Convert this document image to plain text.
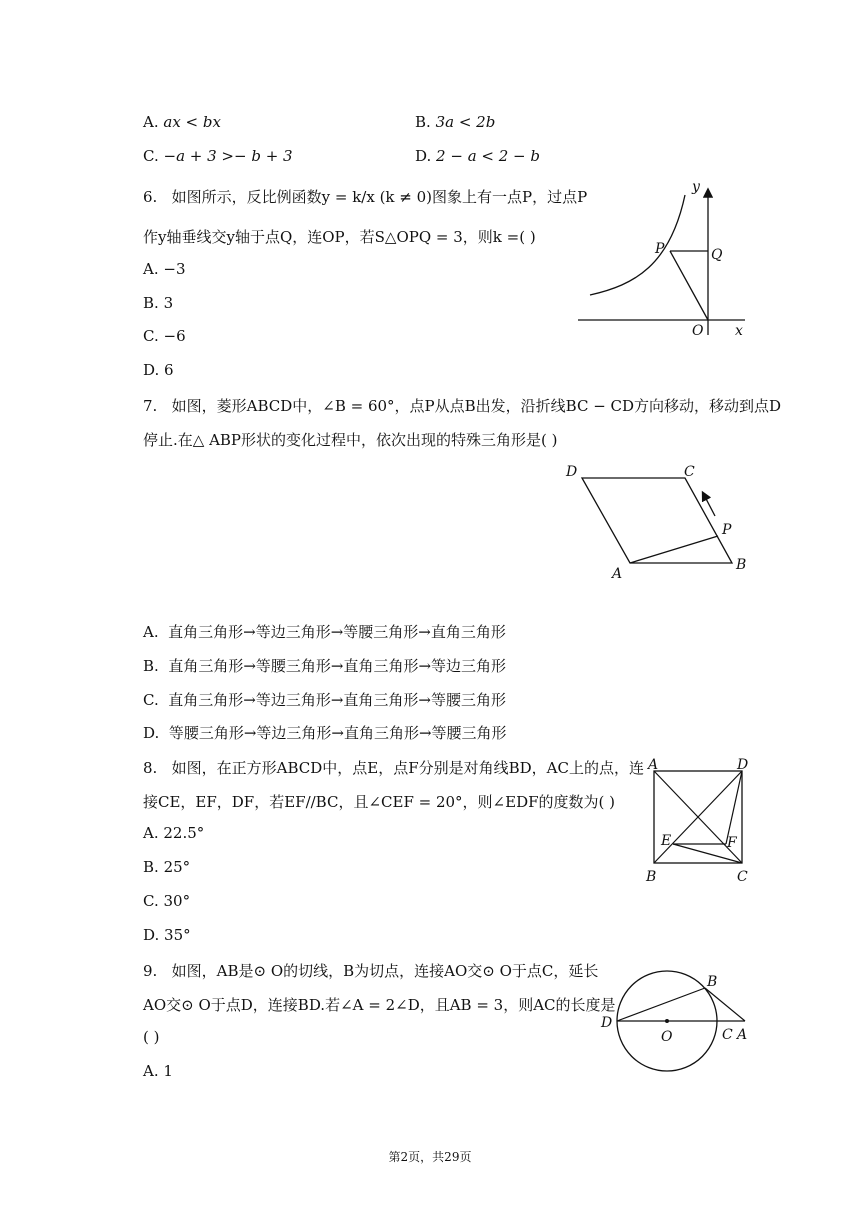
A. ax < bx	B. 3a < 2b
C. −a + 3 >− b + 3	D. 2 − a < 2 − b
6. 如图所示，反比例函数y = k/x (k ≠ 0)图象上有一点P，过点P
作y轴垂线交y轴于点Q，连OP，若S△OPQ = 3，则k =( )
A. −3
B. 3
C. −6
D. 6
y
x
P	Q
O
7. 如图，菱形ABCD中，∠B = 60°，点P从点B出发，沿折线BC − CD方向移动，移动到点D
停止.在△ ABP形状的变化过程中，依次出现的特殊三角形是( )
D	C
P
B
A
A. 直角三角形→等边三角形→等腰三角形→直角三角形
B. 直角三角形→等腰三角形→直角三角形→等边三角形
C. 直角三角形→等边三角形→直角三角形→等腰三角形
D. 等腰三角形→等边三角形→直角三角形→等腰三角形
8. 如图，在正方形ABCD中，点E，点F分别是对角线BD，AC上的点，连
接CE，EF，DF，若EF//BC，且∠CEF = 20°，则∠EDF的度数为( )
A. 22.5°
B. 25°
C. 30°
D. 35°
A	D
E	F
B	C
9. 如图，AB是⊙ O的切线，B为切点，连接AO交⊙ O于点C，延长
AO交⊙ O于点D，连接BD.若∠A = 2∠D，且AB = 3，则AC的长度是
( )
A. 1
B
D
O	C A
第2页，共29页
